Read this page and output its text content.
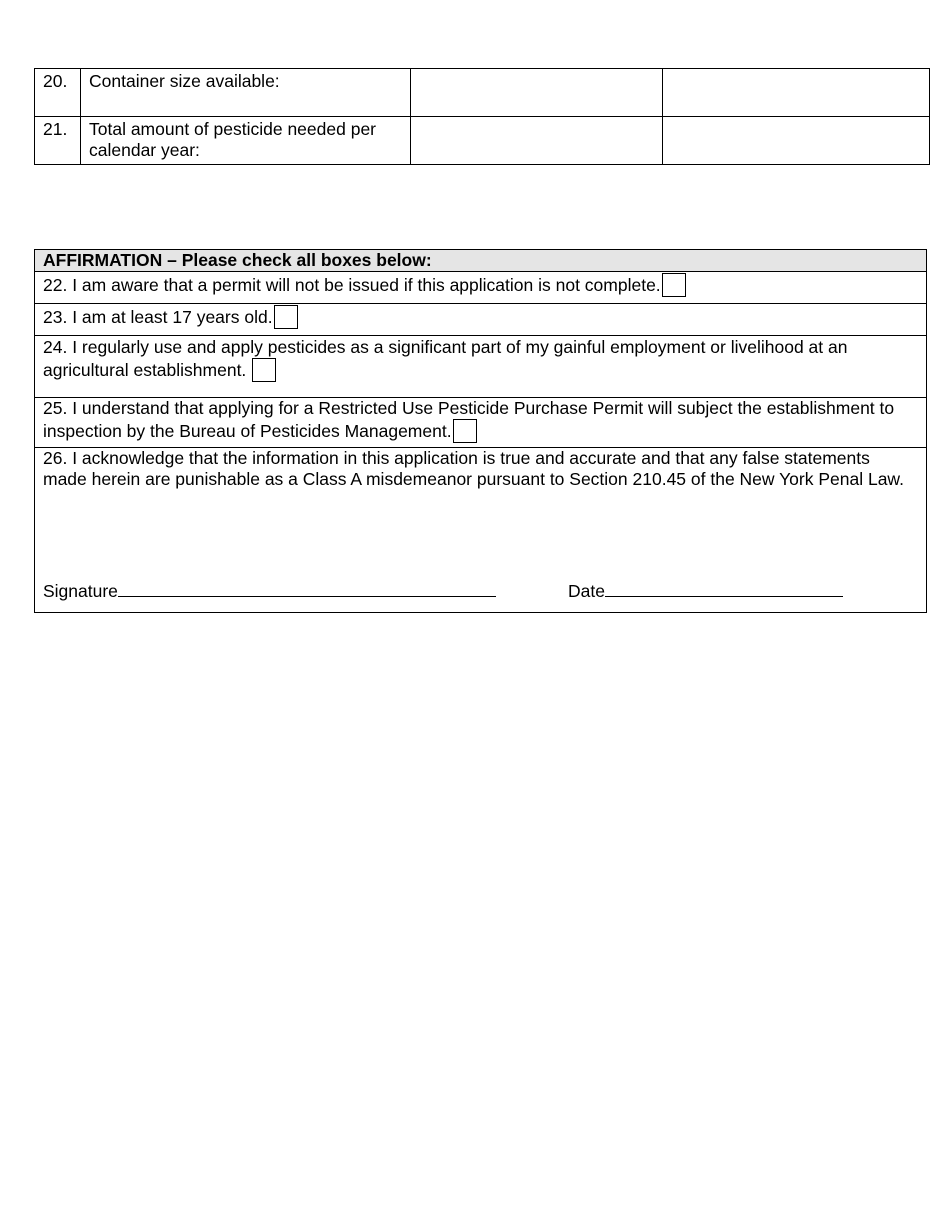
20.	Container size available:		
21.	Total amount of pesticide needed per calendar year:		
AFFIRMATION – Please check all boxes below:
22. I am aware that a permit will not be issued if this application is not complete.
23. I am at least 17 years old.
24. I regularly use and apply pesticides as a significant part of my gainful employment or livelihood at an agricultural establishment.
25. I understand that applying for a Restricted Use Pesticide Purchase Permit will subject the establishment to inspection by the Bureau of Pesticides Management.
26. I acknowledge that the information in this application is true and accurate and that any false statements made herein are punishable as a Class A misdemeanor pursuant to Section 210.45 of the New York Penal Law.
Signature	Date
